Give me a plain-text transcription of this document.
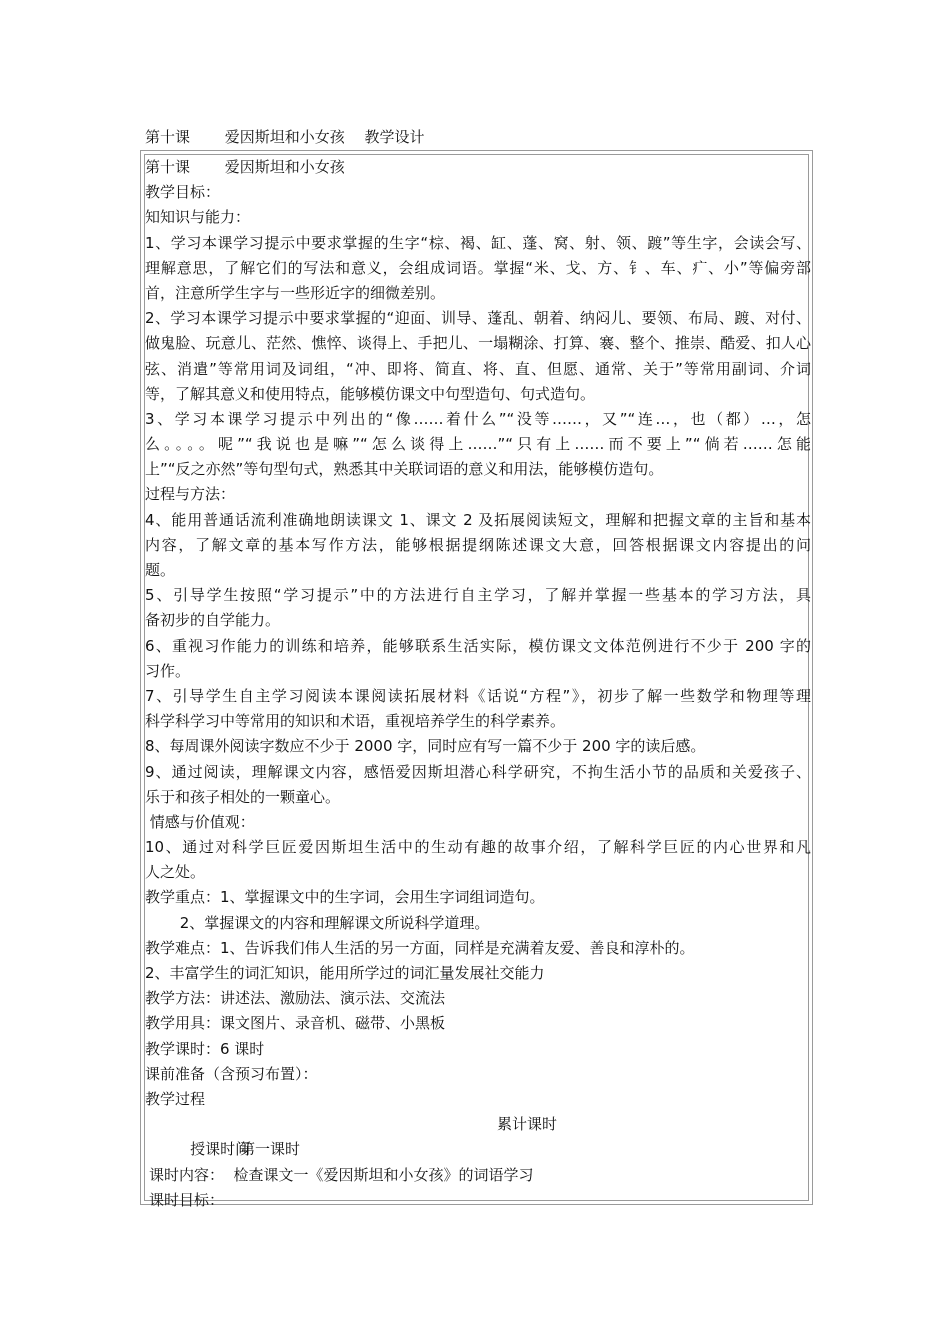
第十课　　 爱因斯坦和小女孩　 教学设计
第十课　　 爱因斯坦和小女孩
教学目标：
知知识与能力：
1、学习本课学习提示中要求掌握的生字“棕、褐、缸、蓬、窝、射、领、踱”等生字，会读会写、
理解意思，了解它们的写法和意义，会组成词语。掌握“米、戈、方、钅、车、疒、小”等偏旁部
首，注意所学生字与一些形近字的细微差别。
2、学习本课学习提示中要求掌握的“迎面、训导、蓬乱、朝着、纳闷儿、要领、布局、踱、对付、
做鬼脸、玩意儿、茫然、憔悴、谈得上、手把儿、一塌糊涂、打算、褰、整个、推崇、酷爱、扣人心
弦、消遣”等常用词及词组，“冲、即将、简直、将、直、但愿、通常、关于”等常用副词、介词
等，了解其意义和使用特点，能够模仿课文中句型造句、句式造句。
3、学习本课学习提示中列出的“像……着什么”“没等……，又”“连…，也（都）…，怎
么。。。。呢”“我说也是嘛”“怎么谈得上……”“只有上……而不要上”“倘若……怎能
上”“反之亦然”等句型句式，熟悉其中关联词语的意义和用法，能够模仿造句。
过程与方法：
4、能用普通话流利准确地朗读课文 1、课文 2 及拓展阅读短文，理解和把握文章的主旨和基本
内容，了解文章的基本写作方法，能够根据提纲陈述课文大意，回答根据课文内容提出的问
题。
5、引导学生按照“学习提示”中的方法进行自主学习，了解并掌握一些基本的学习方法，具
备初步的自学能力。
6、重视习作能力的训练和培养，能够联系生活实际，模仿课文文体范例进行不少于 200 字的
习作。
7、引导学生自主学习阅读本课阅读拓展材料《话说“方程”》，初步了解一些数学和物理等理
科学科学习中等常用的知识和术语，重视培养学生的科学素养。
8、每周课外阅读字数应不少于 2000 字，同时应有写一篇不少于 200 字的读后感。
9、通过阅读，理解课文内容，感悟爱因斯坦潜心科学研究，不拘生活小节的品质和关爱孩子、
乐于和孩子相处的一颗童心。
情感与价值观：
10、通过对科学巨匠爱因斯坦生活中的生动有趣的故事介绍，了解科学巨匠的内心世界和凡
人之处。
教学重点：1、掌握课文中的生字词，会用生字词组词造句。
　　 2、掌握课文的内容和理解课文所说科学道理。
教学难点：1、告诉我们伟人生活的另一方面，同样是充满着友爱、善良和淳朴的。
2、丰富学生的词汇知识，能用所学过的词汇量发展社交能力
教学方法：讲述法、激励法、演示法、交流法
教学用具：课文图片、录音机、磁带、小黑板
教学课时：6 课时
课前准备（含预习布置）：
教学过程

授课时间

累计课时

第一课时
课时内容：  检查课文一《爱因斯坦和小女孩》的词语学习
课时目标：
